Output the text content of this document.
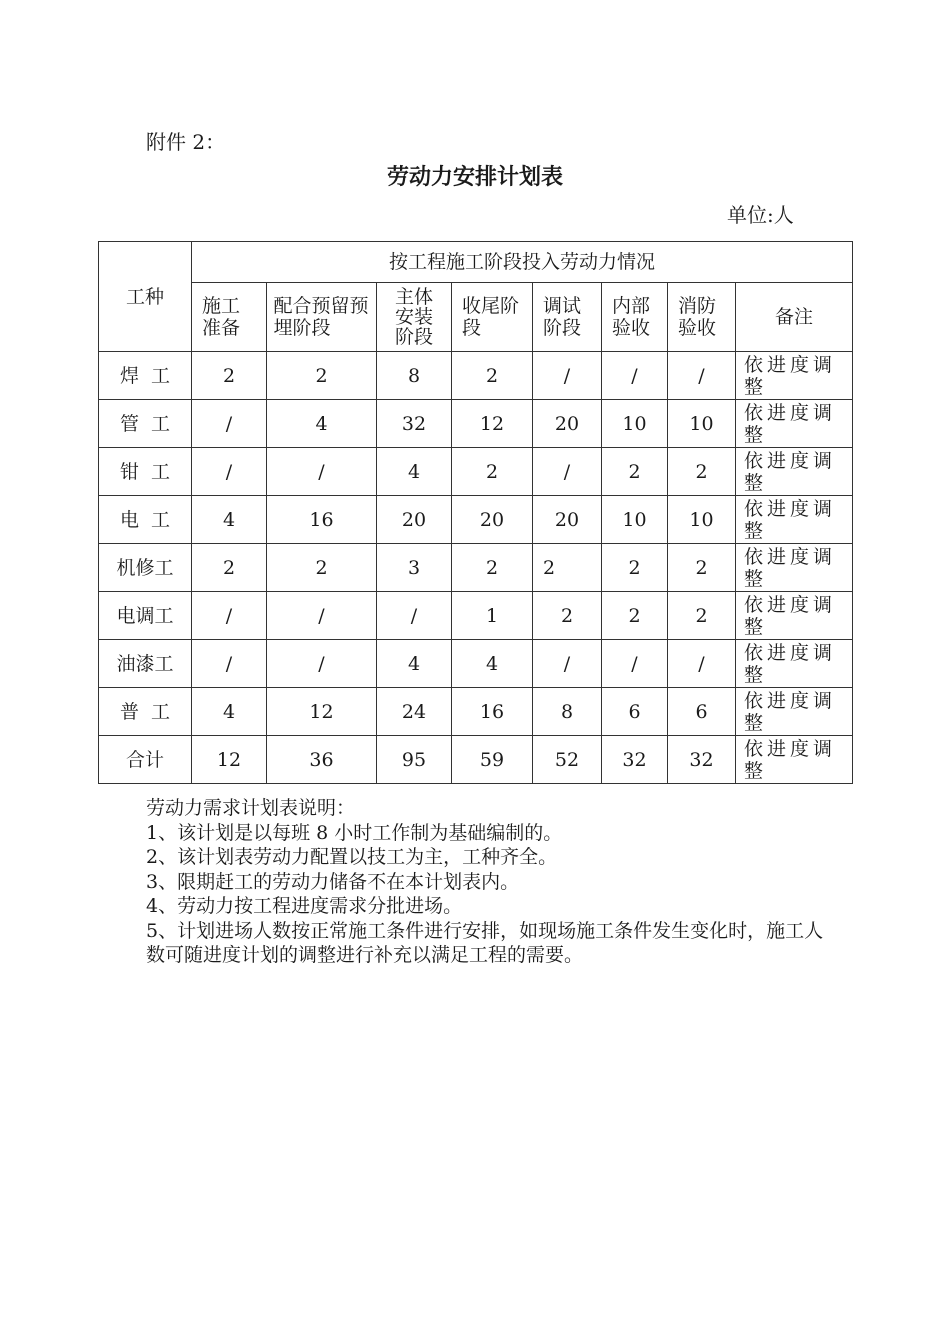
附件 2：
劳动力安排计划表
单位:人
工种	按工程施工阶段投入劳动力情况							

	施工准备	配合预留预埋阶段	主体安装阶段	收尾阶段	调试阶段	内部验收	消防验收	备注
焊  工	2	2	8	2	/	/	/	依进度调整
管  工	/	4	32	12	20	10	10	依进度调整
钳  工	/	/	4	2	/	2	2	依进度调整
电  工	4	16	20	20	20	10	10	依进度调整
机修工	2	2	3	2	2	2	2	依进度调整
电调工	/	/	/	1	2	2	2	依进度调整
油漆工	/	/	4	4	/	/	/	依进度调整
普  工	4	12	24	16	8	6	6	依进度调整
合计	12	36	95	59	52	32	32	依进度调整
劳动力需求计划表说明：
1、该计划是以每班 8 小时工作制为基础编制的。
2、该计划表劳动力配置以技工为主，工种齐全。
3、限期赶工的劳动力储备不在本计划表内。
4、劳动力按工程进度需求分批进场。
5、计划进场人数按正常施工条件进行安排，如现场施工条件发生变化时，施工人数可随进度计划的调整进行补充以满足工程的需要。
